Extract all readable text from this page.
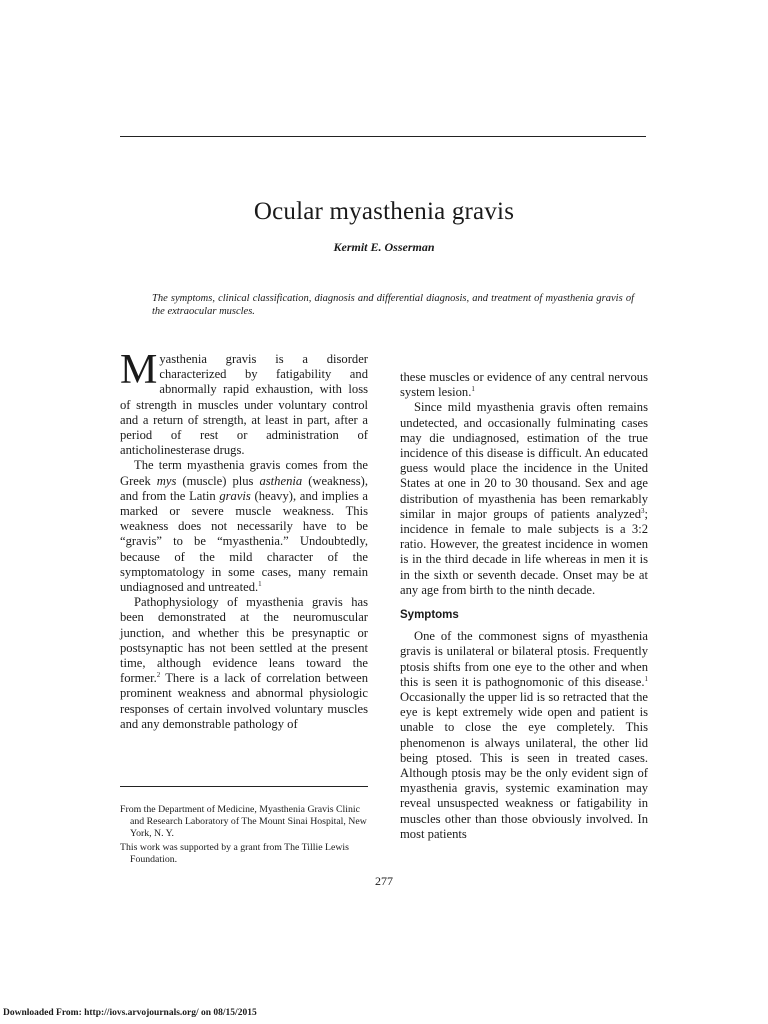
Ocular myasthenia gravis
Kermit E. Osserman
The symptoms, clinical classification, diagnosis and differential diagnosis, and treatment of myasthenia gravis of the extraocular muscles.

Myasthenia gravis is a disorder characterized by fatigability and abnormally rapid exhaustion, with loss of strength in muscles under voluntary control and a return of strength, at least in part, after a period of rest or administration of anticholinesterase drugs.

The term myasthenia gravis comes from the Greek mys (muscle) plus asthenia (weakness), and from the Latin gravis (heavy), and implies a marked or severe muscle weakness. This weakness does not necessarily have to be “gravis” to be “myasthenia.” Undoubtedly, because of the mild character of the symptomatology in some cases, many remain undiagnosed and untreated.$^1$

Pathophysiology of myasthenia gravis has been demonstrated at the neuromuscular junction, and whether this be presynaptic or postsynaptic has not been settled at the present time, although evidence leans toward the former.$^2$ There is a lack of correlation between prominent weakness and abnormal physiologic responses of certain involved voluntary muscles and any demonstrable pathology of

From the Department of Medicine, Myasthenia Gravis Clinic and Research Laboratory of The Mount Sinai Hospital, New York, N. Y.

This work was supported by a grant from The Tillie Lewis Foundation.

these muscles or evidence of any central nervous system lesion.$^1$

Since mild myasthenia gravis often remains undetected, and occasionally fulminating cases may die undiagnosed, estimation of the true incidence of this disease is difficult. An educated guess would place the incidence in the United States at one in 20 to 30 thousand. Sex and age distribution of myasthenia has been remarkably similar in major groups of patients analyzed$^3$; incidence in female to male subjects is a 3:2 ratio. However, the greatest incidence in women is in the third decade in life whereas in men it is in the sixth or seventh decade. Onset may be at any age from birth to the ninth decade.

Symptoms

One of the commonest signs of myasthenia gravis is unilateral or bilateral ptosis. Frequently ptosis shifts from one eye to the other and when this is seen it is pathognomonic of this disease.$^1$ Occasionally the upper lid is so retracted that the eye is kept extremely wide open and patient is unable to close the eye completely. This phenomenon is always unilateral, the other lid being ptosed. This is seen in treated cases. Although ptosis may be the only evident sign of myasthenia gravis, systemic examination may reveal unsuspected weakness or fatigability in muscles other than those obviously involved. In most patients

277
Downloaded From: http://iovs.arvojournals.org/ on 08/15/2015
